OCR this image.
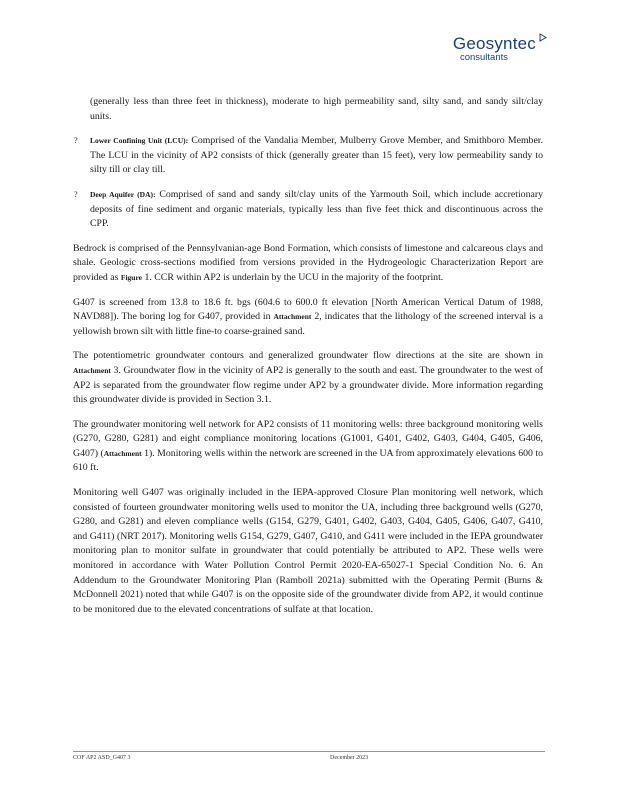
Geosyntec
consultants

(generally less than three feet in thickness), moderate to high permeability sand, silty sand, and sandy silt/clay units.

? Lower Confining Unit (LCU): Comprised of the Vandalia Member, Mulberry Grove Member, and Smithboro Member. The LCU in the vicinity of AP2 consists of thick (generally greater than 15 feet), very low permeability sandy to silty till or clay till.
? Deep Aquifer (DA): Comprised of sand and sandy silt/clay units of the Yarmouth Soil, which include accretionary deposits of fine sediment and organic materials, typically less than five feet thick and discontinuous across the CPP.

Bedrock is comprised of the Pennsylvanian-age Bond Formation, which consists of limestone and calcareous clays and shale. Geologic cross-sections modified from versions provided in the Hydrogeologic Characterization Report are provided as Figure 1. CCR within AP2 is underlain by the UCU in the majority of the footprint.

G407 is screened from 13.8 to 18.6 ft. bgs (604.6 to 600.0 ft elevation [North American Vertical Datum of 1988, NAVD88]). The boring log for G407, provided in Attachment 2, indicates that the lithology of the screened interval is a yellowish brown silt with little fine-to coarse-grained sand.

The potentiometric groundwater contours and generalized groundwater flow directions at the site are shown in Attachment 3. Groundwater flow in the vicinity of AP2 is generally to the south and east. The groundwater to the west of AP2 is separated from the groundwater flow regime under AP2 by a groundwater divide. More information regarding this groundwater divide is provided in Section 3.1.

The groundwater monitoring well network for AP2 consists of 11 monitoring wells: three background monitoring wells (G270, G280, G281) and eight compliance monitoring locations (G1001, G401, G402, G403, G404, G405, G406, G407) (Attachment 1). Monitoring wells within the network are screened in the UA from approximately elevations 600 to 610 ft.

Monitoring well G407 was originally included in the IEPA-approved Closure Plan monitoring well network, which consisted of fourteen groundwater monitoring wells used to monitor the UA, including three background wells (G270, G280, and G281) and eleven compliance wells (G154, G279, G401, G402, G403, G404, G405, G406, G407, G410, and G411) (NRT 2017). Monitoring wells G154, G279, G407, G410, and G411 were included in the IEPA groundwater monitoring plan to monitor sulfate in groundwater that could potentially be attributed to AP2. These wells were monitored in accordance with Water Pollution Control Permit 2020-EA-65027-1 Special Condition No. 6. An Addendum to the Groundwater Monitoring Plan (Ramboll 2021a) submitted with the Operating Permit (Burns & McDonnell 2021) noted that while G407 is on the opposite side of the groundwater divide from AP2, it would continue to be monitored due to the elevated concentrations of sulfate at that location.

COF AP2 ASD_G407 3	December 2023
